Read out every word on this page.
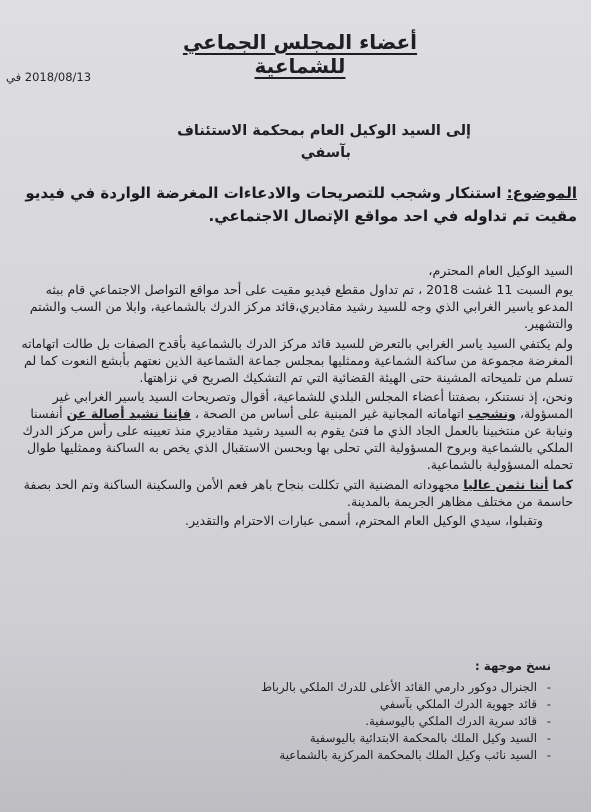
أعضاء المجلس الجماعي للشماعية
2018/08/13 في
إلى السيد الوكيل العام بمحكمة الاستئناف
بآسفي
الموضوع: استنكار وشجب للتصريحات والادعاءات المغرضة الواردة في فيديو مقيت تم تداوله في احد مواقع الإتصال الاجتماعي.

السيد الوكيل العام المحترم،

يوم السبت 11 غشت 2018 ، تم تداول مقطع فيديو مقيت على أحد مواقع التواصل الاجتماعي قام ببثه المدعو ياسير الغرابي الذي وجه للسيد رشيد مقاديري،قائد مركز الدرك بالشماعية، وابلا من السب والشتم والتشهير.

ولم يكتفي السيد ياسر الغرابي بالتعرض للسيد قائد مركز الدرك بالشماعية بأقدح الصفات بل طالت اتهاماته المغرضة مجموعة من ساكنة الشماعية وممثليها بمجلس جماعة الشماعية الذين نعتهم بأبشع النعوت كما لم تسلم من تلميحاته المشينة حتى الهيئة القضائية التي تم التشكيك الصريح في نزاهتها.

ونحن، إذ نستنكر، بصفتنا أعضاء المجلس البلدي للشماعية، أقوال وتصريحات السيد ياسير الغرابي غير المسؤولة، ونشجب اتهاماته المجانية غير المبنية على أساس من الصحة ، فإننا نشيد أصالة عن أنفسنا ونيابة عن منتخبينا بالعمل الجاد الذي ما فتئ يقوم به السيد رشيد مقاديري منذ تعيينه على رأس مركز الدرك الملكي بالشماعية وبروح المسؤولية التي تحلى بها وبحسن الاستقبال الذي يخص به الساكنة وممثليها طوال تحمله المسؤولية بالشماعية.

كما أننا نثمن عاليا مجهوداته المضنية التي تكللت بنجاح باهر فعم الأمن والسكينة الساكنة وتم الحد بصفة حاسمة من مختلف مظاهر الجريمة بالمدينة.

وتقبلوا، سيدي الوكيل العام المحترم، أسمى عبارات الاحترام والتقدير.

نسخ موجهة :
- الجنرال دوكور دارمي القائد الأعلى للدرك الملكي بالرباط
- قائد جهوية الدرك الملكي بآسفي
- قائد سرية الدرك الملكي باليوسفية.
- السيد وكيل الملك بالمحكمة الابتدائية باليوسفية
- السيد نائب وكيل الملك بالمحكمة المركزية بالشماعية
